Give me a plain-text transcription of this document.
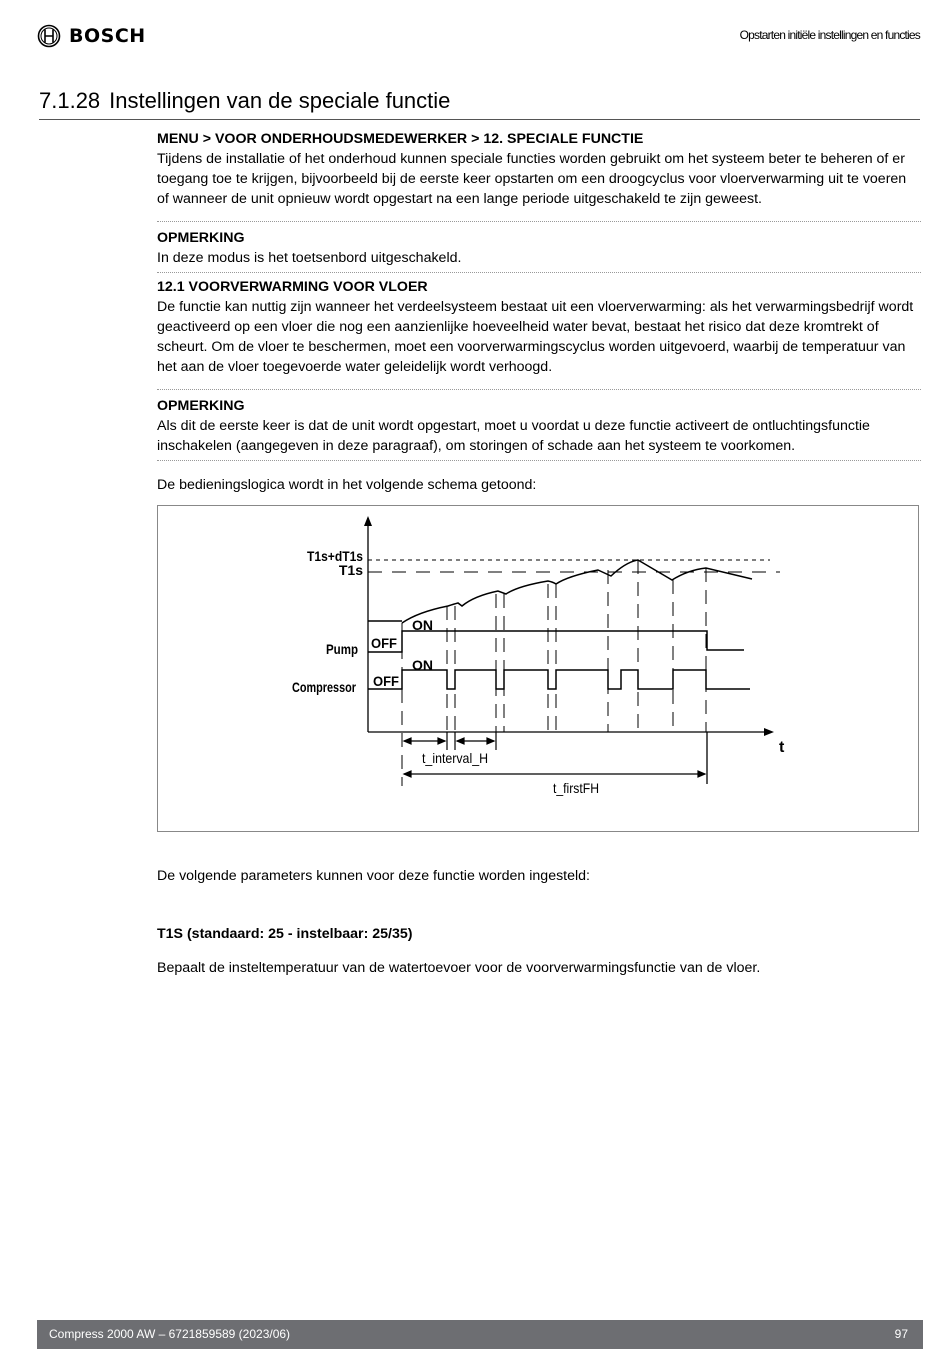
BOSCH	Opstarten initiële instellingen en functies
7.1.28 Instellingen van de speciale functie

MENU > VOOR ONDERHOUDSMEDEWERKER > 12. SPECIALE FUNCTIE

Tijdens de installatie of het onderhoud kunnen speciale functies worden gebruikt om het systeem beter te beheren of er toegang toe te krijgen, bijvoorbeeld bij de eerste keer opstarten om een droogcyclus voor vloerverwarming uit te voeren of wanneer de unit opnieuw wordt opgestart na een lange periode uitgeschakeld te zijn geweest.

OPMERKING

In deze modus is het toetsenbord uitgeschakeld.

12.1 VOORVERWARMING VOOR VLOER

De functie kan nuttig zijn wanneer het verdeelsysteem bestaat uit een vloerverwarming: als het verwarmingsbedrijf wordt geactiveerd op een vloer die nog een aanzienlijke hoeveelheid water bevat, bestaat het risico dat deze kromtrekt of scheurt. Om de vloer te beschermen, moet een voorverwarmingscyclus worden uitgevoerd, waarbij de temperatuur van het aan de vloer toegevoerde water geleidelijk wordt verhoogd.

OPMERKING

Als dit de eerste keer is dat de unit wordt opgestart, moet u voordat u deze functie activeert de ontluchtingsfunctie inschakelen (aangegeven in deze paragraaf), om storingen of schade aan het systeem te voorkomen.

De bedieningslogica wordt in het volgende schema getoond:

T1s+dT1s
T1s
Pump
Compressor
OFF
ON
OFF
ON
t
t_interval_H
t_firstFH

De volgende parameters kunnen voor deze functie worden ingesteld:

T1S (standaard: 25 - instelbaar: 25/35)

Bepaalt de insteltemperatuur van de watertoevoer voor de voorverwarmingsfunctie van de vloer.

Compress 2000 AW – 6721859589 (2023/06)	97
